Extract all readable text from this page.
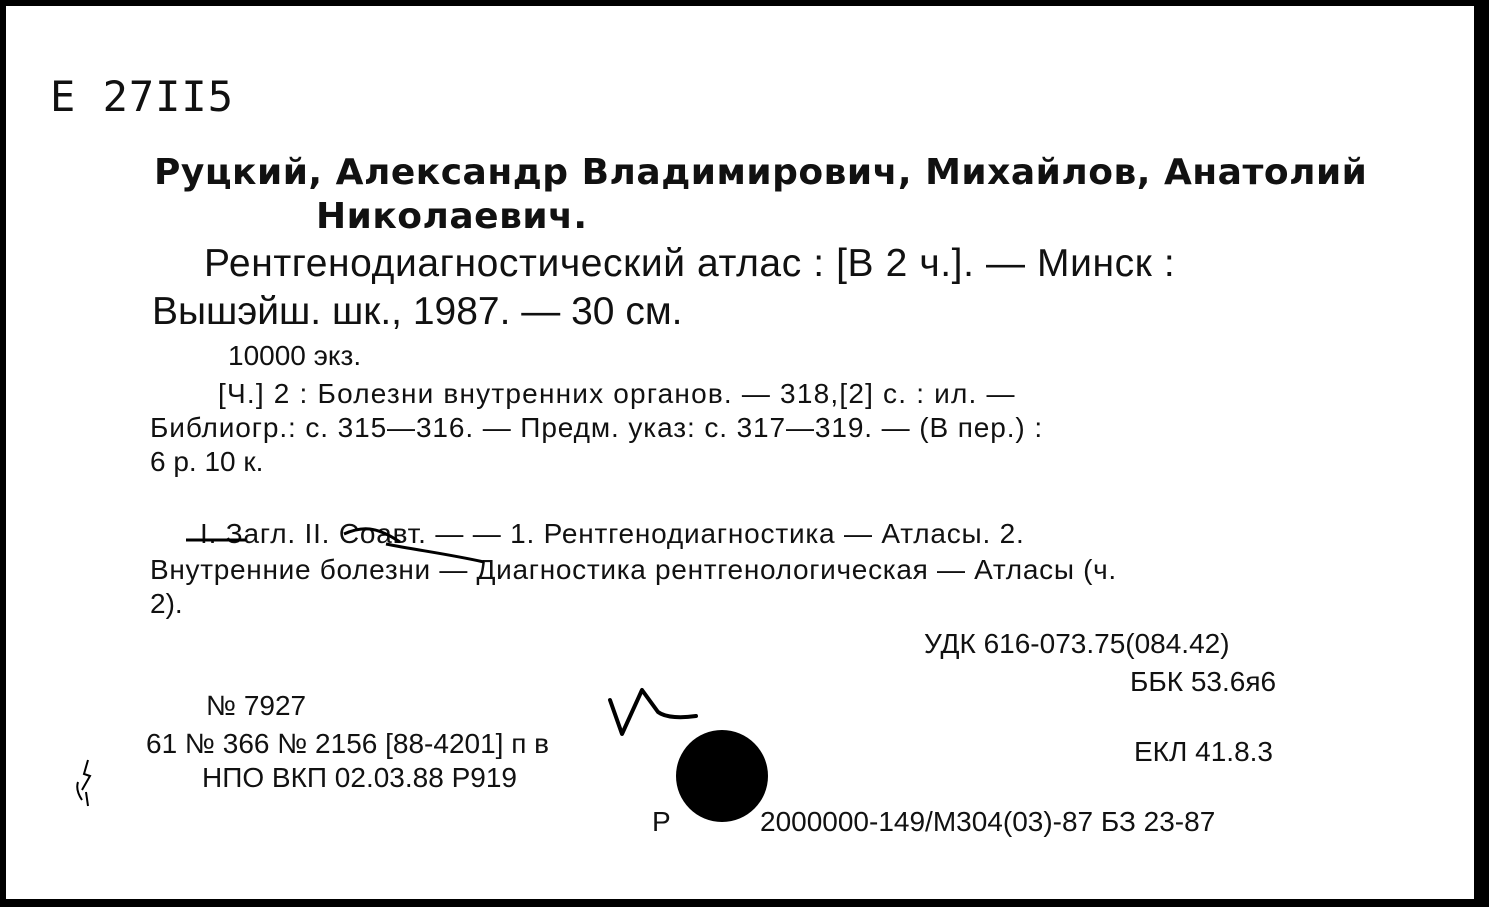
E 27II5
Руцкий, Александр Владимирович, Михайлов, Анатолий
Николаевич.
Рентгенодиагностический атлас : [В 2 ч.]. — Минск :
Вышэйш. шк., 1987. — 30 см.
10000 экз.
[Ч.] 2 : Болезни внутренних органов. — 318,[2] с. : ил. —
Библиогр.: с. 315—316. — Предм. указ: с. 317—319. — (В пер.) :
6 р. 10 к.
I. Загл. II. Соавт. — — 1. Рентгенодиагностика — Атласы. 2.
Внутренние болезни — Диагностика рентгенологическая — Атласы (ч.
2).
УДК 616-073.75(084.42)
ББК 53.6я6
№ 7927
61 № 366 № 2156 [88-4201] п в
НПО ВКП 02.03.88 Р919
ЕКЛ 41.8.3
Р	2000000-149/М304(03)-87 БЗ 23-87
